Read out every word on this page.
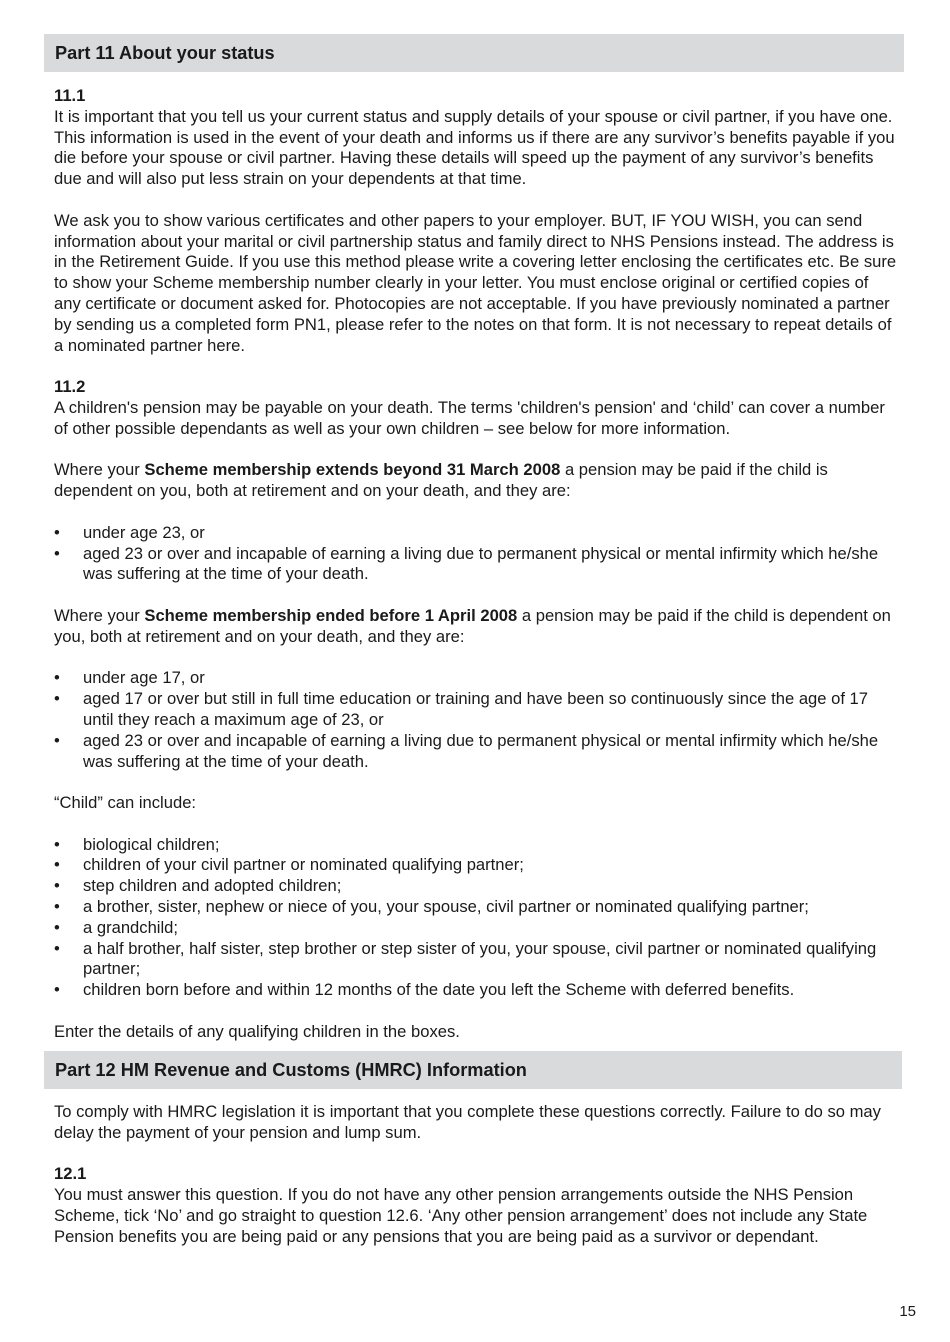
Part 11 About your status

11.1

It is important that you tell us your current status and supply details of your spouse or civil partner, if you have one. This information is used in the event of your death and informs us if there are any survivor’s benefits payable if you die before your spouse or civil partner. Having these details will speed up the payment of any survivor’s benefits due and will also put less strain on your dependents at that time.

We ask you to show various certificates and other papers to your employer. BUT, IF YOU WISH, you can send information about your marital or civil partnership status and family direct to NHS Pensions instead. The address is in the Retirement Guide. If you use this method please write a covering letter enclosing the certificates etc. Be sure to show your Scheme membership number clearly in your letter. You must enclose original or certified copies of any certificate or document asked for. Photocopies are not acceptable. If you have previously nominated a partner by sending us a completed form PN1, please refer to the notes on that form. It is not necessary to repeat details of a nominated partner here.

11.2

A children's pension may be payable on your death. The terms 'children's pension' and ‘child’ can cover a number of other possible dependants as well as your own children – see below for more information.

Where your Scheme membership extends beyond 31 March 2008 a pension may be paid if the child is dependent on you, both at retirement and on your death, and they are:

• under age 23, or
• aged 23 or over and incapable of earning a living due to permanent physical or mental infirmity which he/she was suffering at the time of your death.

Where your Scheme membership ended before 1 April 2008 a pension may be paid if the child is dependent on you, both at retirement and on your death, and they are:

• under age 17, or
• aged 17 or over but still in full time education or training and have been so continuously since the age of 17 until they reach a maximum age of 23, or
• aged 23 or over and incapable of earning a living due to permanent physical or mental infirmity which he/she was suffering at the time of your death.

“Child” can include:

• biological children;
• children of your civil partner or nominated qualifying partner;
• step children and adopted children;
• a brother, sister, nephew or niece of you, your spouse, civil partner or nominated qualifying partner;
• a grandchild;
• a half brother, half sister, step brother or step sister of you, your spouse, civil partner or nominated qualifying partner;
• children born before and within 12 months of the date you left the Scheme with deferred benefits.

Enter the details of any qualifying children in the boxes.

Part 12 HM Revenue and Customs (HMRC) Information

To comply with HMRC legislation it is important that you complete these questions correctly. Failure to do so may delay the payment of your pension and lump sum.

12.1

You must answer this question. If you do not have any other pension arrangements outside the NHS Pension Scheme, tick ‘No’ and go straight to question 12.6. ‘Any other pension arrangement’ does not include any State Pension benefits you are being paid or any pensions that you are being paid as a survivor or dependant.

15
